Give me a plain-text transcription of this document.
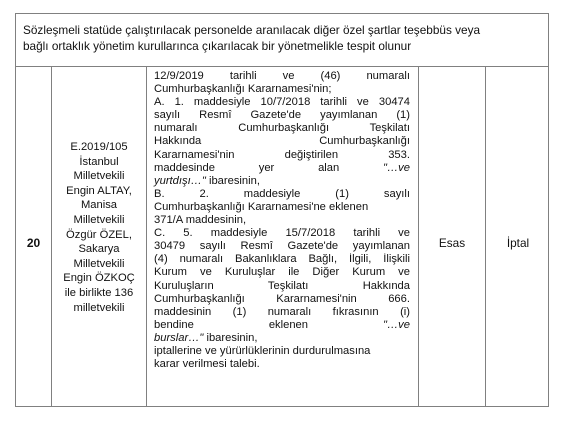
Sözleşmeli statüde çalıştırılacak personelde aranılacak diğer özel şartlar teşebbüs veya
bağlı ortaklık yönetim kurullarınca çıkarılacak bir yönetmelikle tespit olunur
20
E.2019/105
İstanbul
Milletvekili
Engin ALTAY,
Manisa
Milletvekili
Özgür ÖZEL,
Sakarya
Milletvekili
Engin ÖZKOÇ
ile birlikte 136
milletvekili
12/9/2019 tarihli ve (46) numaralı
Cumhurbaşkanlığı Kararnamesi'nin;
A. 1. maddesiyle 10/7/2018 tarihli ve 30474
sayılı Resmî Gazete'de yayımlanan (1)
numaralı Cumhurbaşkanlığı Teşkilatı
Hakkında Cumhurbaşkanlığı
Kararnamesi'nin değiştirilen 353.
maddesinde yer alan "…ve
yurtdışı…" ibaresinin,
B. 2. maddesiyle (1) sayılı
Cumhurbaşkanlığı Kararnamesi'ne eklenen
371/A maddesinin,
C. 5. maddesiyle 15/7/2018 tarihli ve
30479 sayılı Resmî Gazete'de yayımlanan
(4) numaralı Bakanlıklara Bağlı, İlgili, İlişkili
Kurum ve Kuruluşlar ile Diğer Kurum ve
Kuruluşların Teşkilatı Hakkında
Cumhurbaşkanlığı Kararnamesi'nin 666.
maddesinin (1) numaralı fıkrasının (i)
bendine eklenen "…ve
burslar…" ibaresinin,
iptallerine ve yürürlüklerinin durdurulmasına
karar verilmesi talebi.
Esas	İptal
